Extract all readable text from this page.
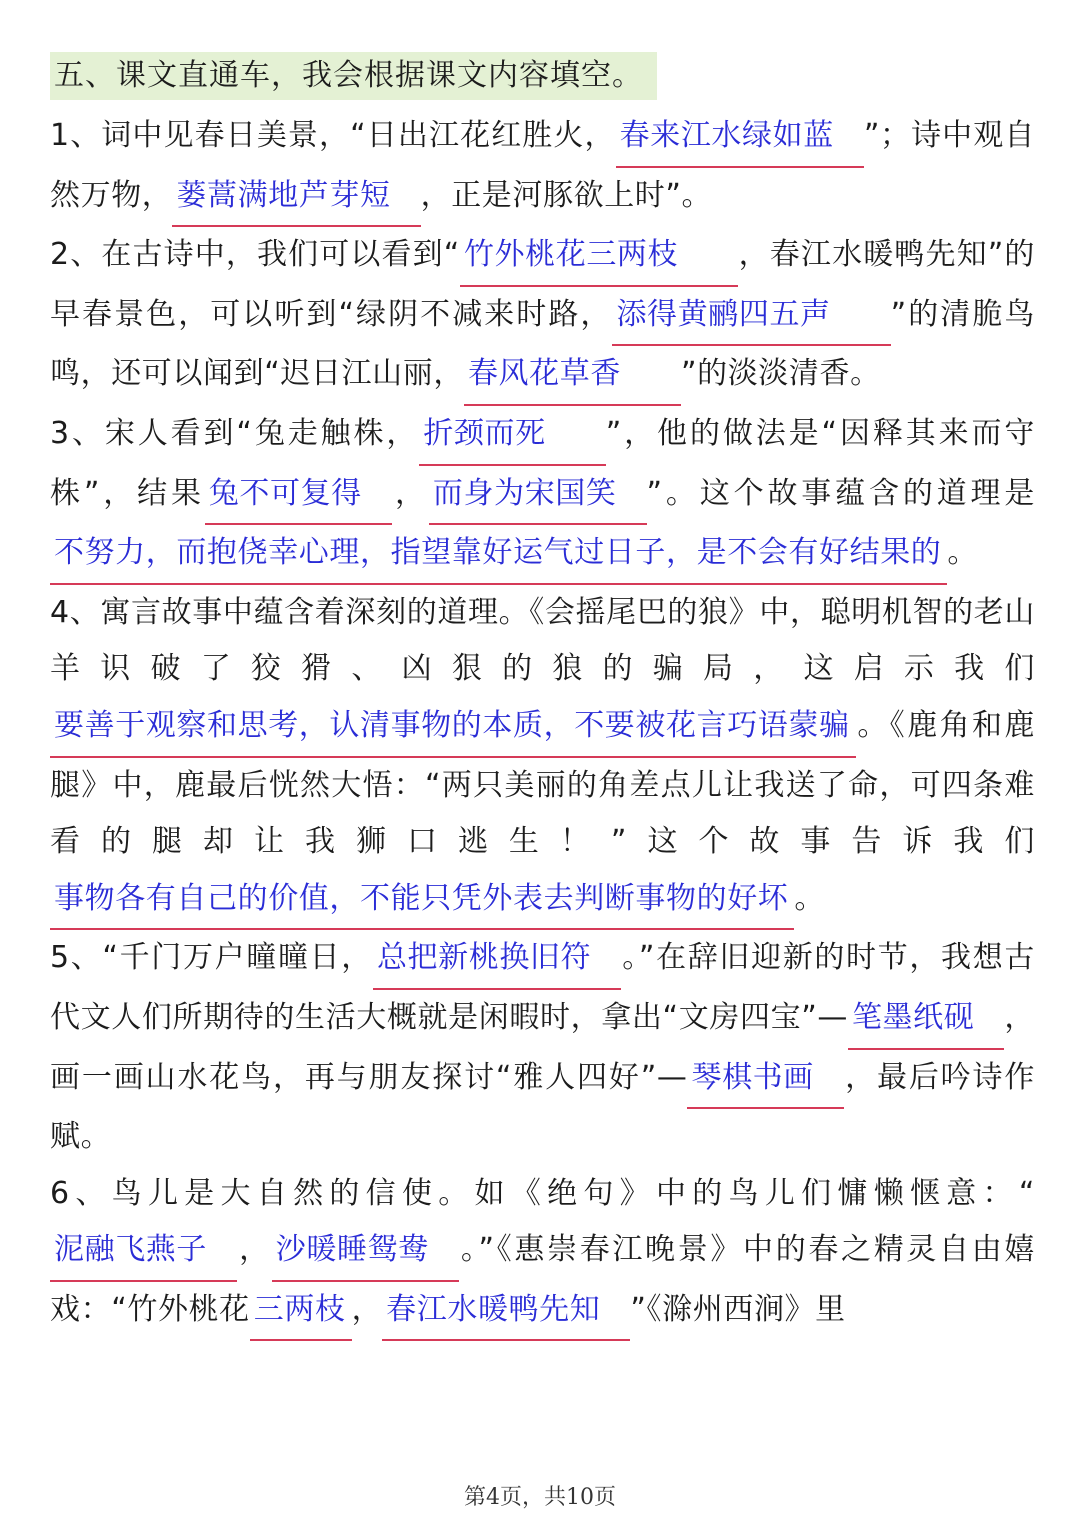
五、课文直通车，我会根据课文内容填空。

1、词中见春日美景，“日出江花红胜火， 春来江水绿如蓝 ”；诗中观自然万物， 蒌蒿满地芦芽短 ，正是河豚欲上时”。

2、在古诗中，我们可以看到“ 竹外桃花三两枝 ，春江水暖鸭先知”的早春景色，可以听到“绿阴不减来时路， 添得黄鹂四五声 ”的清脆鸟鸣，还可以闻到“迟日江山丽， 春风花草香 ”的淡淡清香。

3、宋人看到“兔走触株， 折颈而死 ”，他的做法是“因释其来而守株”，结果 兔不可复得 ， 而身为宋国笑 ”。这个故事蕴含的道理是不努力，而抱侥幸心理，指望靠好运气过日子，是不会有好结果的 。

4、寓言故事中蕴含着深刻的道理。《会摇尾巴的狼》中，聪明机智的老山羊识破了狡猾、凶狠的狼的骗局，这启示我们要善于观察和思考，认清事物的本质，不要被花言巧语蒙骗 。《鹿角和鹿腿》中，鹿最后恍然大悟：“两只美丽的角差点儿让我送了命，可四条难看的腿却让我狮口逃生！”这个故事告诉我们事物各有自己的价值，不能只凭外表去判断事物的好坏 。

5、“千门万户曈曈日， 总把新桃换旧符 。”在辞旧迎新的时节，我想古代文人们所期待的生活大概就是闲暇时，拿出“文房四宝”— 笔墨纸砚 ，画一画山水花鸟，再与朋友探讨“雅人四好”— 琴棋书画 ，最后吟诗作赋。

6、鸟儿是大自然的信使。如《绝句》中的鸟儿们慵懒惬意：“泥融飞燕子 ， 沙暖睡鸳鸯 。”《惠崇春江晚景》中的春之精灵自由嬉戏：“竹外桃花 三两枝 ， 春江水暖鸭先知 ”《滁州西涧》里

第4页，共10页
